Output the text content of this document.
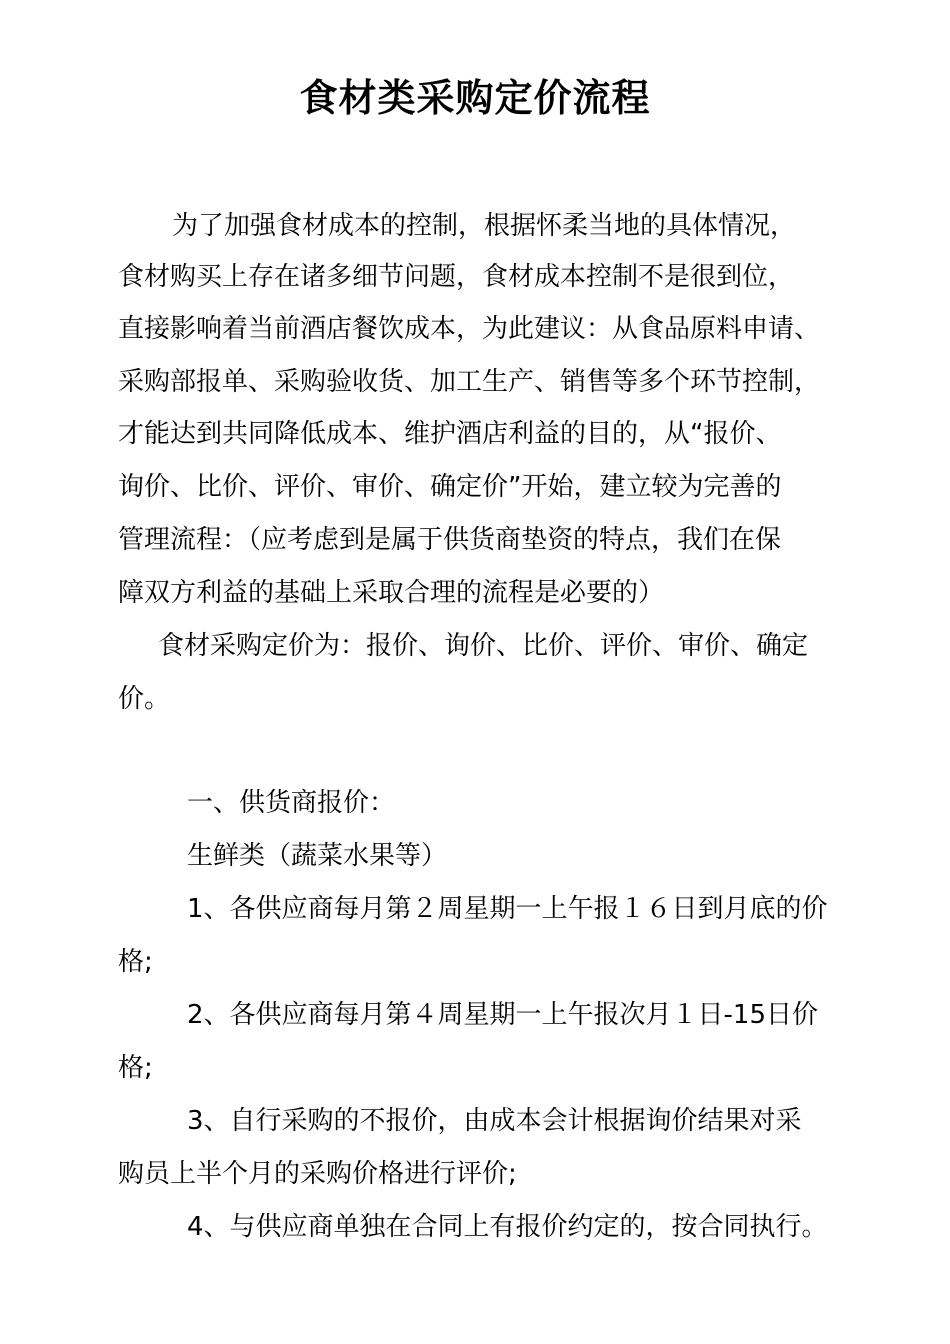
食材类采购定价流程
为了加强食材成本的控制，根据怀柔当地的具体情况，
食材购买上存在诸多细节问题，食材成本控制不是很到位，
直接影响着当前酒店餐饮成本，为此建议：从食品原料申请、
采购部报单、采购验收货、加工生产、销售等多个环节控制，
才能达到共同降低成本、维护酒店利益的目的，从“报价、
询价、比价、评价、审价、确定价”开始，建立较为完善的
管理流程：（应考虑到是属于供货商垫资的特点，我们在保
障双方利益的基础上采取合理的流程是必要的）
食材采购定价为：报价、询价、比价、评价、审价、确定
价。
一、供货商报价：
生鲜类（蔬菜水果等）
1、各供应商每月第２周星期一上午报１６日到月底的价
格;
2、各供应商每月第４周星期一上午报次月１日-15日价
格;
3、自行采购的不报价，由成本会计根据询价结果对采
购员上半个月的采购价格进行评价;
4、与供应商单独在合同上有报价约定的，按合同执行。
